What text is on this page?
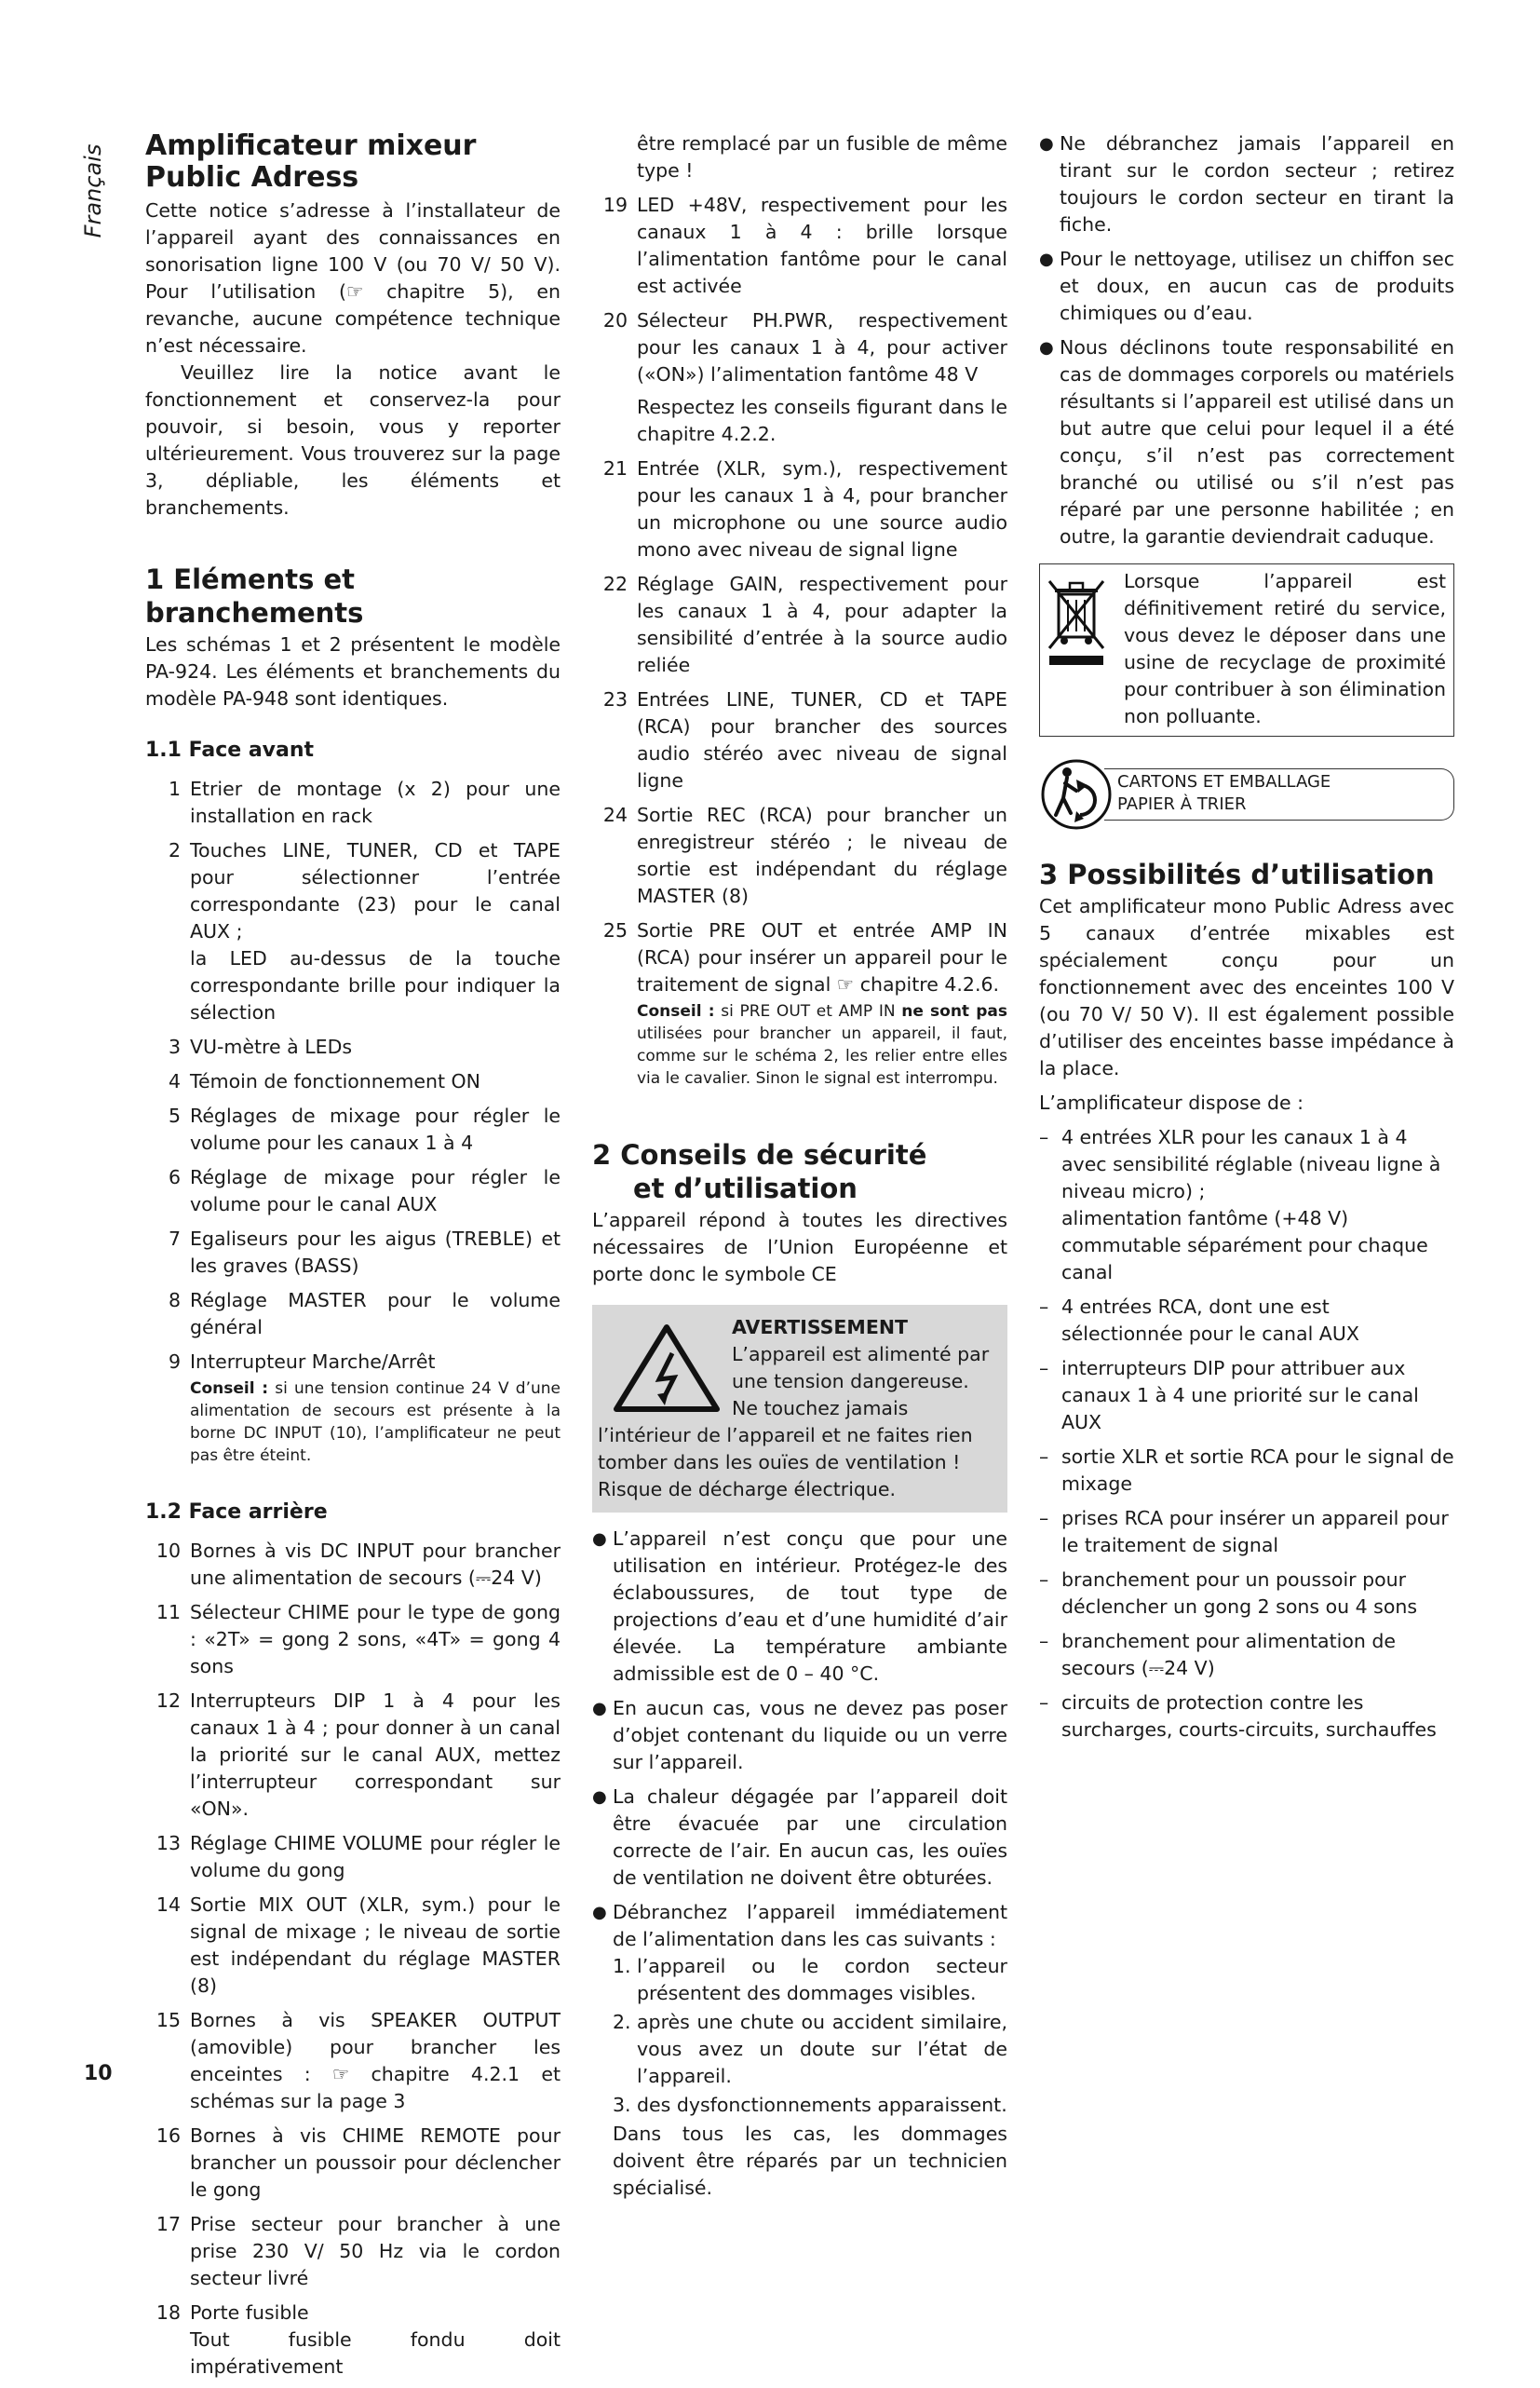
Français Amplificateur mixeur
Public Adress

Cette notice s’adresse à l’installateur de l’appareil ayant des connaissances en sonorisation ligne 100 V (ou 70 V/ 50 V). Pour l’utilisation (☞ chapitre 5), en revanche, aucune compétence technique n’est nécessaire.

Veuillez lire la notice avant le fonctionnement et conservez-la pour pouvoir, si besoin, vous y reporter ultérieurement. Vous trouverez sur la page 3, dépliable, les éléments et branchements.

1 Eléments et branchements

Les schémas 1 et 2 présentent le modèle PA-924. Les éléments et branchements du modèle PA-948 sont identiques.

1.1 Face avant
1 Etrier de montage (x 2) pour une installation en rack
2 Touches LINE, TUNER, CD et TAPE pour sélectionner l’entrée correspondante (23) pour le canal AUX ;
la LED au-dessus de la touche correspondante brille pour indiquer la sélection
3 VU-mètre à LEDs
4 Témoin de fonctionnement ON
5 Réglages de mixage pour régler le volume pour les canaux 1 à 4
6 Réglage de mixage pour régler le volume pour le canal AUX
7 Egaliseurs pour les aigus (TREBLE) et les graves (BASS)
8 Réglage MASTER pour le volume général
9 Interrupteur Marche/Arrêt
Conseil : si une tension continue 24 V d’une alimentation de secours est présente à la borne DC INPUT (10), l’amplificateur ne peut pas être éteint.
1.2 Face arrière
10 Bornes à vis DC INPUT pour brancher une alimentation de secours (⎓24 V)
11 Sélecteur CHIME pour le type de gong : «2T» = gong 2 sons, «4T» = gong 4 sons
12 Interrupteurs DIP 1 à 4 pour les canaux 1 à 4 ; pour donner à un canal la priorité sur le canal AUX, mettez l’interrupteur correspondant sur «ON».
13 Réglage CHIME VOLUME pour régler le volume du gong
14 Sortie MIX OUT (XLR, sym.) pour le signal de mixage ; le niveau de sortie est indépendant du réglage MASTER (8)
15 Bornes à vis SPEAKER OUTPUT (amovible) pour brancher les enceintes : ☞ chapitre 4.2.1 et schémas sur la page 3
16 Bornes à vis CHIME REMOTE pour brancher un poussoir pour déclencher le gong
17 Prise secteur pour brancher à une prise 230 V/ 50 Hz via le cordon secteur livré
18 Porte fusible
Tout fusible fondu doit impérativement
être remplacé par un fusible de même type !
19 LED +48V, respectivement pour les canaux 1 à 4 : brille lorsque l’alimentation fantôme pour le canal est activée
20 Sélecteur PH.PWR, respectivement pour les canaux 1 à 4, pour activer («ON») l’alimentation fantôme 48 V

Respectez les conseils figurant dans le chapitre 4.2.2.
21 Entrée (XLR, sym.), respectivement pour les canaux 1 à 4, pour brancher un microphone ou une source audio mono avec niveau de signal ligne
22 Réglage GAIN, respectivement pour les canaux 1 à 4, pour adapter la sensibilité d’entrée à la source audio reliée
23 Entrées LINE, TUNER, CD et TAPE (RCA) pour brancher des sources audio stéréo avec niveau de signal ligne
24 Sortie REC (RCA) pour brancher un enregistreur stéréo ; le niveau de sortie est indépendant du réglage MASTER (8)
25 Sortie PRE OUT et entrée AMP IN (RCA) pour insérer un appareil pour le traitement de signal ☞ chapitre 4.2.6.
Conseil : si PRE OUT et AMP IN ne sont pas utilisées pour brancher un appareil, il faut, comme sur le schéma 2, les relier entre elles via le cavalier. Sinon le signal est interrompu.
2 Conseils de sécurité
et d’utilisation

L’appareil répond à toutes les directives nécessaires de l’Union Européenne et porte donc le symbole CE

AVERTISSEMENT
L’appareil est alimenté par une tension dangereuse. Ne touchez jamais l’intérieur de l’appareil et ne faites rien tomber dans les ouïes de ventilation ! Risque de décharge électrique.
● L’appareil n’est conçu que pour une utilisation en intérieur. Protégez-le des éclaboussures, de tout type de projections d’eau et d’une humidité d’air élevée. La température ambiante admissible est de 0 – 40 °C.
● En aucun cas, vous ne devez pas poser d’objet contenant du liquide ou un verre sur l’appareil.
● La chaleur dégagée par l’appareil doit être évacuée par une circulation correcte de l’air. En aucun cas, les ouïes de ventilation ne doivent être obturées.
● Débranchez l’appareil immédiatement de l’alimentation dans les cas suivants :
1. l’appareil ou le cordon secteur présentent des dommages visibles.
2. après une chute ou accident similaire, vous avez un doute sur l’état de l’appareil.
3. des dysfonctionnements apparaissent.
Dans tous les cas, les dommages doivent être réparés par un technicien spécialisé.
● Ne débranchez jamais l’appareil en tirant sur le cordon secteur ; retirez toujours le cordon secteur en tirant la fiche.
● Pour le nettoyage, utilisez un chiffon sec et doux, en aucun cas de produits chimiques ou d’eau.
● Nous déclinons toute responsabilité en cas de dommages corporels ou matériels résultants si l’appareil est utilisé dans un but autre que celui pour lequel il a été conçu, s’il n’est pas correctement branché ou utilisé ou s’il n’est pas réparé par une personne habilitée ; en outre, la garantie deviendrait caduque.
Lorsque l’appareil est définitivement retiré du service, vous devez le déposer dans une usine de recyclage de proximité pour contribuer à son élimination non polluante.
CARTONS ET EMBALLAGE
PAPIER À TRIER
3 Possibilités d’utilisation

Cet amplificateur mono Public Adress avec 5 canaux d’entrée mixables est spécialement conçu pour un fonctionnement avec des enceintes 100 V (ou 70 V/ 50 V). Il est également possible d’utiliser des enceintes basse impédance à la place.

L’amplificateur dispose de :

– 4 entrées XLR pour les canaux 1 à 4 avec sensibilité réglable (niveau ligne à niveau micro) ;
alimentation fantôme (+48 V) commutable séparément pour chaque canal
– 4 entrées RCA, dont une est sélectionnée pour le canal AUX
– interrupteurs DIP pour attribuer aux canaux 1 à 4 une priorité sur le canal AUX
– sortie XLR et sortie RCA pour le signal de mixage
– prises RCA pour insérer un appareil pour le traitement de signal
– branchement pour un poussoir pour déclencher un gong 2 sons ou 4 sons
– branchement pour alimentation de secours (⎓24 V)
– circuits de protection contre les surcharges, courts-circuits, surchauffes
10
